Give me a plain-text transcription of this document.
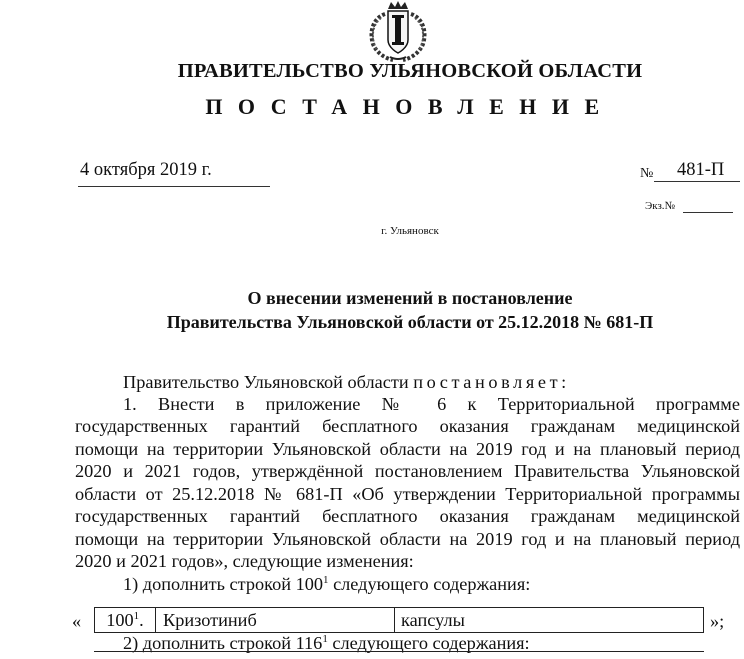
ПРАВИТЕЛЬСТВО УЛЬЯНОВСКОЙ ОБЛАСТИ
ПОСТАНОВЛЕНИЕ
4 октября 2019 г.	№ 481-П
Экз.№
г. Ульяновск
О внесении изменений в постановление
Правительства Ульяновской области от 25.12.2018 № 681-П
Правительство Ульяновской области постановляет:
1. Внести в приложение № 6 к Территориальной программе
государственных гарантий бесплатного оказания гражданам медицинской
помощи на территории Ульяновской области на 2019 год и на плановый период
2020 и 2021 годов, утверждённой постановлением Правительства Ульяновской
области от 25.12.2018 № 681-П «Об утверждении Территориальной программы
государственных гарантий бесплатного оказания гражданам медицинской
помощи на территории Ульяновской области на 2019 год и на плановый период
2020 и 2021 годов», следующие изменения:
1) дополнить строкой $100^1$ следующего содержания:
«	$100^1$.	Кризотиниб	капсулы	»;
2) дополнить строкой $116^1$ следующего содержания:
